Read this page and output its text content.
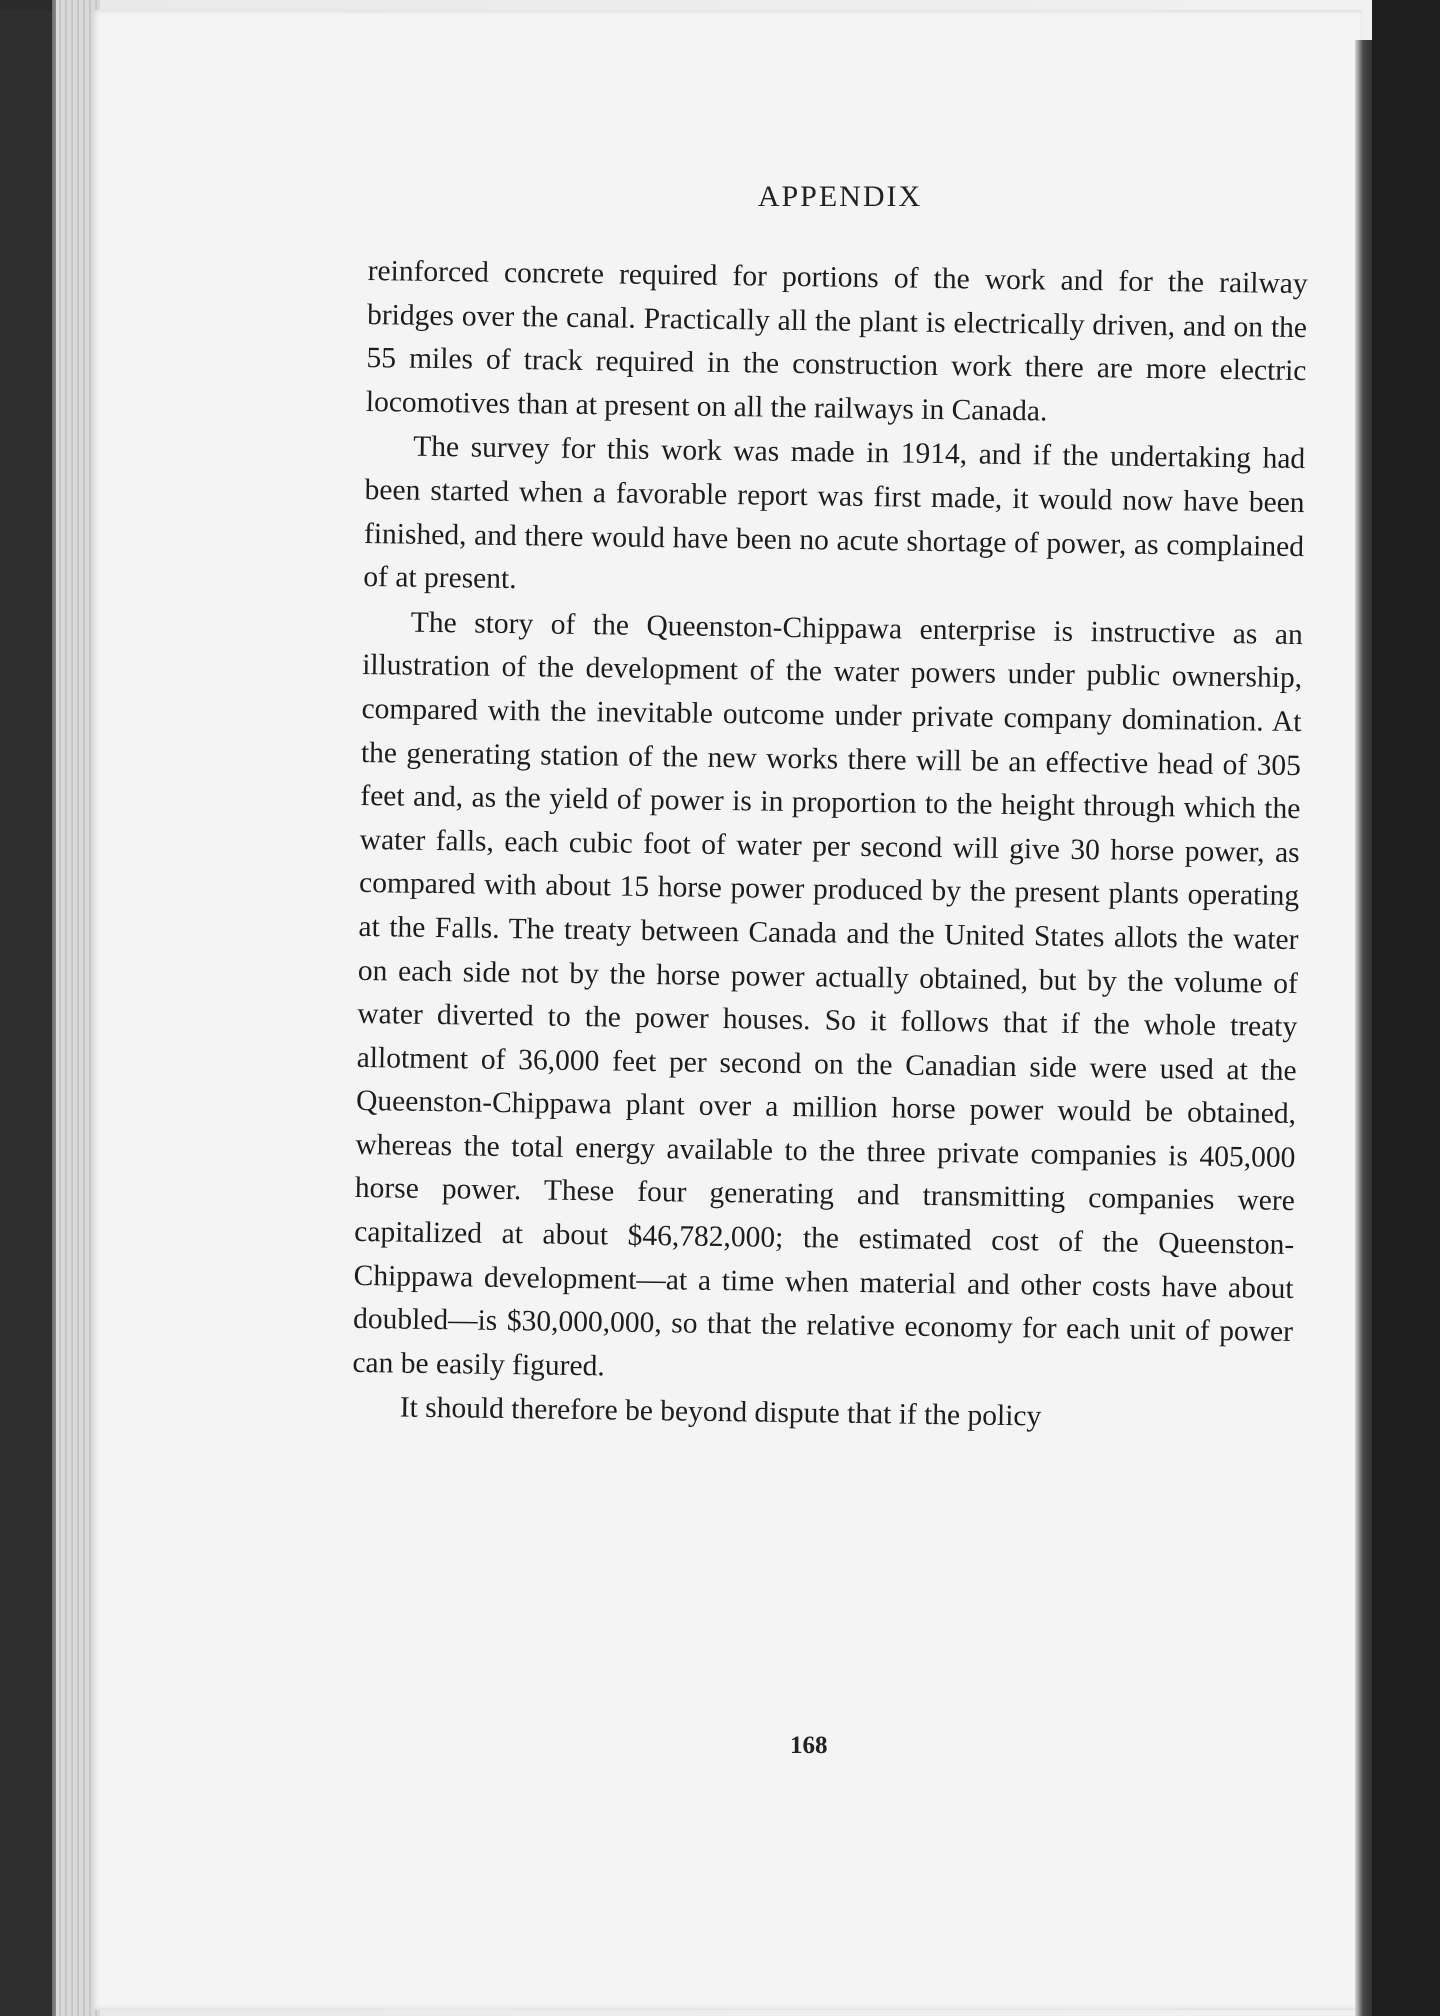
APPENDIX

reinforced concrete required for portions of the work and for the railway bridges over the canal. Practically all the plant is electrically driven, and on the 55 miles of track required in the construction work there are more electric locomotives than at present on all the railways in Canada.

The survey for this work was made in 1914, and if the undertaking had been started when a favorable report was first made, it would now have been finished, and there would have been no acute shortage of power, as complained of at present.

The story of the Queenston-Chippawa enterprise is instructive as an illustration of the development of the water powers under public ownership, compared with the inevitable outcome under private company domination. At the generating station of the new works there will be an effective head of 305 feet and, as the yield of power is in proportion to the height through which the water falls, each cubic foot of water per second will give 30 horse power, as compared with about 15 horse power produced by the present plants operating at the Falls. The treaty between Canada and the United States allots the water on each side not by the horse power actually obtained, but by the volume of water diverted to the power houses. So it follows that if the whole treaty allotment of 36,000 feet per second on the Canadian side were used at the Queenston-Chippawa plant over a million horse power would be obtained, whereas the total energy available to the three private companies is 405,000 horse power. These four generating and transmitting companies were capitalized at about $46,782,000; the estimated cost of the Queenston-Chippawa development—at a time when material and other costs have about doubled—is $30,000,000, so that the relative economy for each unit of power can be easily figured.

It should therefore be beyond dispute that if the policy

168
